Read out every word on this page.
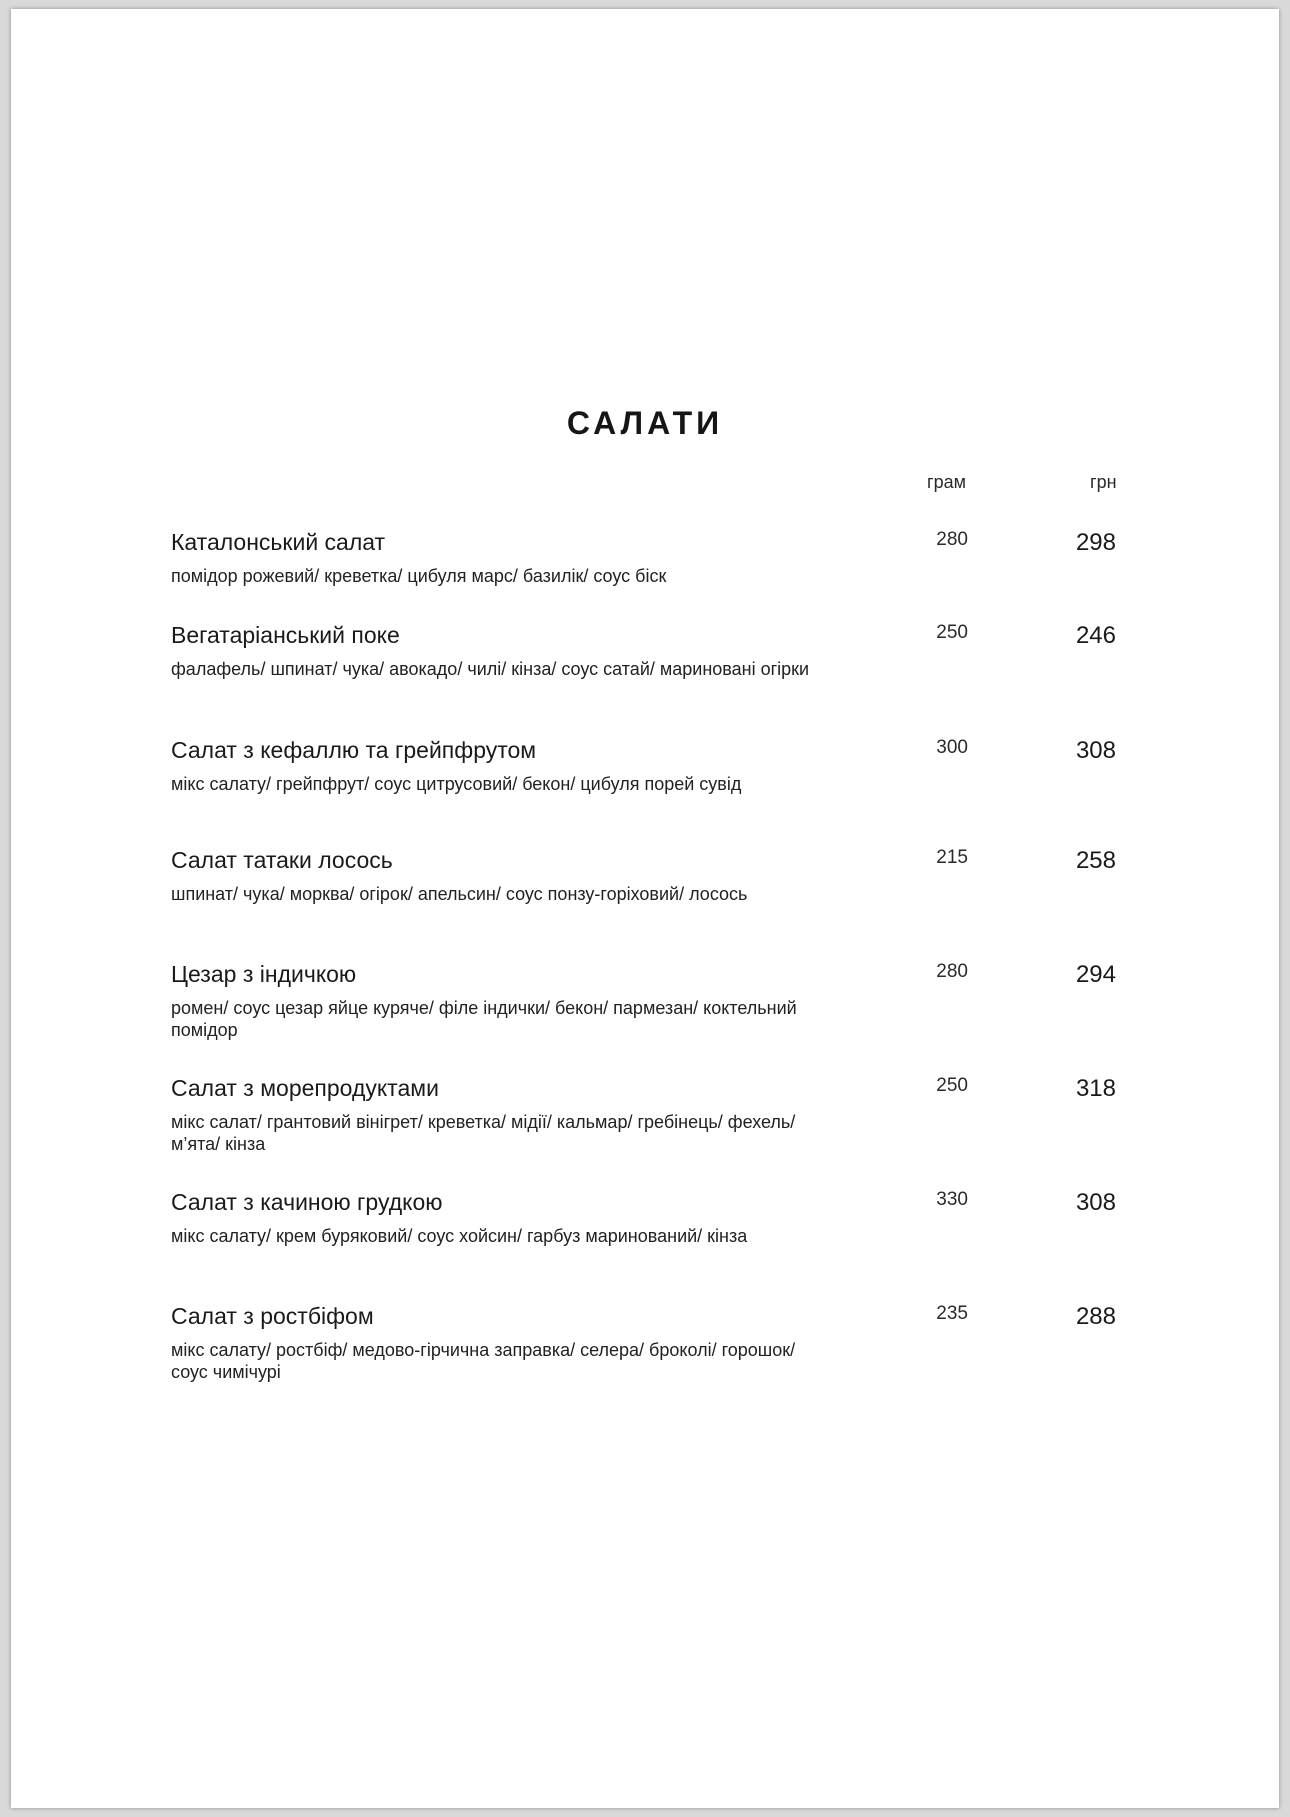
САЛАТИ
грам	грн
Каталонський салат
помідор рожевий/ креветка/ цибуля марс/ базилік/ соус біск
280	298
Вегатаріанський поке
фалафель/ шпинат/ чука/ авокадо/ чилі/ кінза/ соус сатай/ мариновані огірки
250	246
Салат з кефаллю та грейпфрутом
мікс салату/ грейпфрут/ соус цитрусовий/ бекон/ цибуля порей сувід
300	308
Салат татаки лосось
шпинат/ чука/ морква/ огірок/ апельсин/ соус понзу-горіховий/ лосось
215	258
Цезар з індичкою
ромен/ соус цезар яйце куряче/ філе індички/ бекон/ пармезан/ коктельний помідор
280	294
Салат з морепродуктами
мікс салат/ грантовий вінігрет/ креветка/ мідії/ кальмар/ гребінець/ фехель/ м’ята/ кінза
250	318
Салат з качиною грудкою
мікс салату/ крем буряковий/ соус хойсин/ гарбуз маринований/ кінза
330	308
Салат з ростбіфом
мікс салату/ ростбіф/ медово-гірчична заправка/ селера/ броколі/ горошок/ соус чимічурі
235	288
